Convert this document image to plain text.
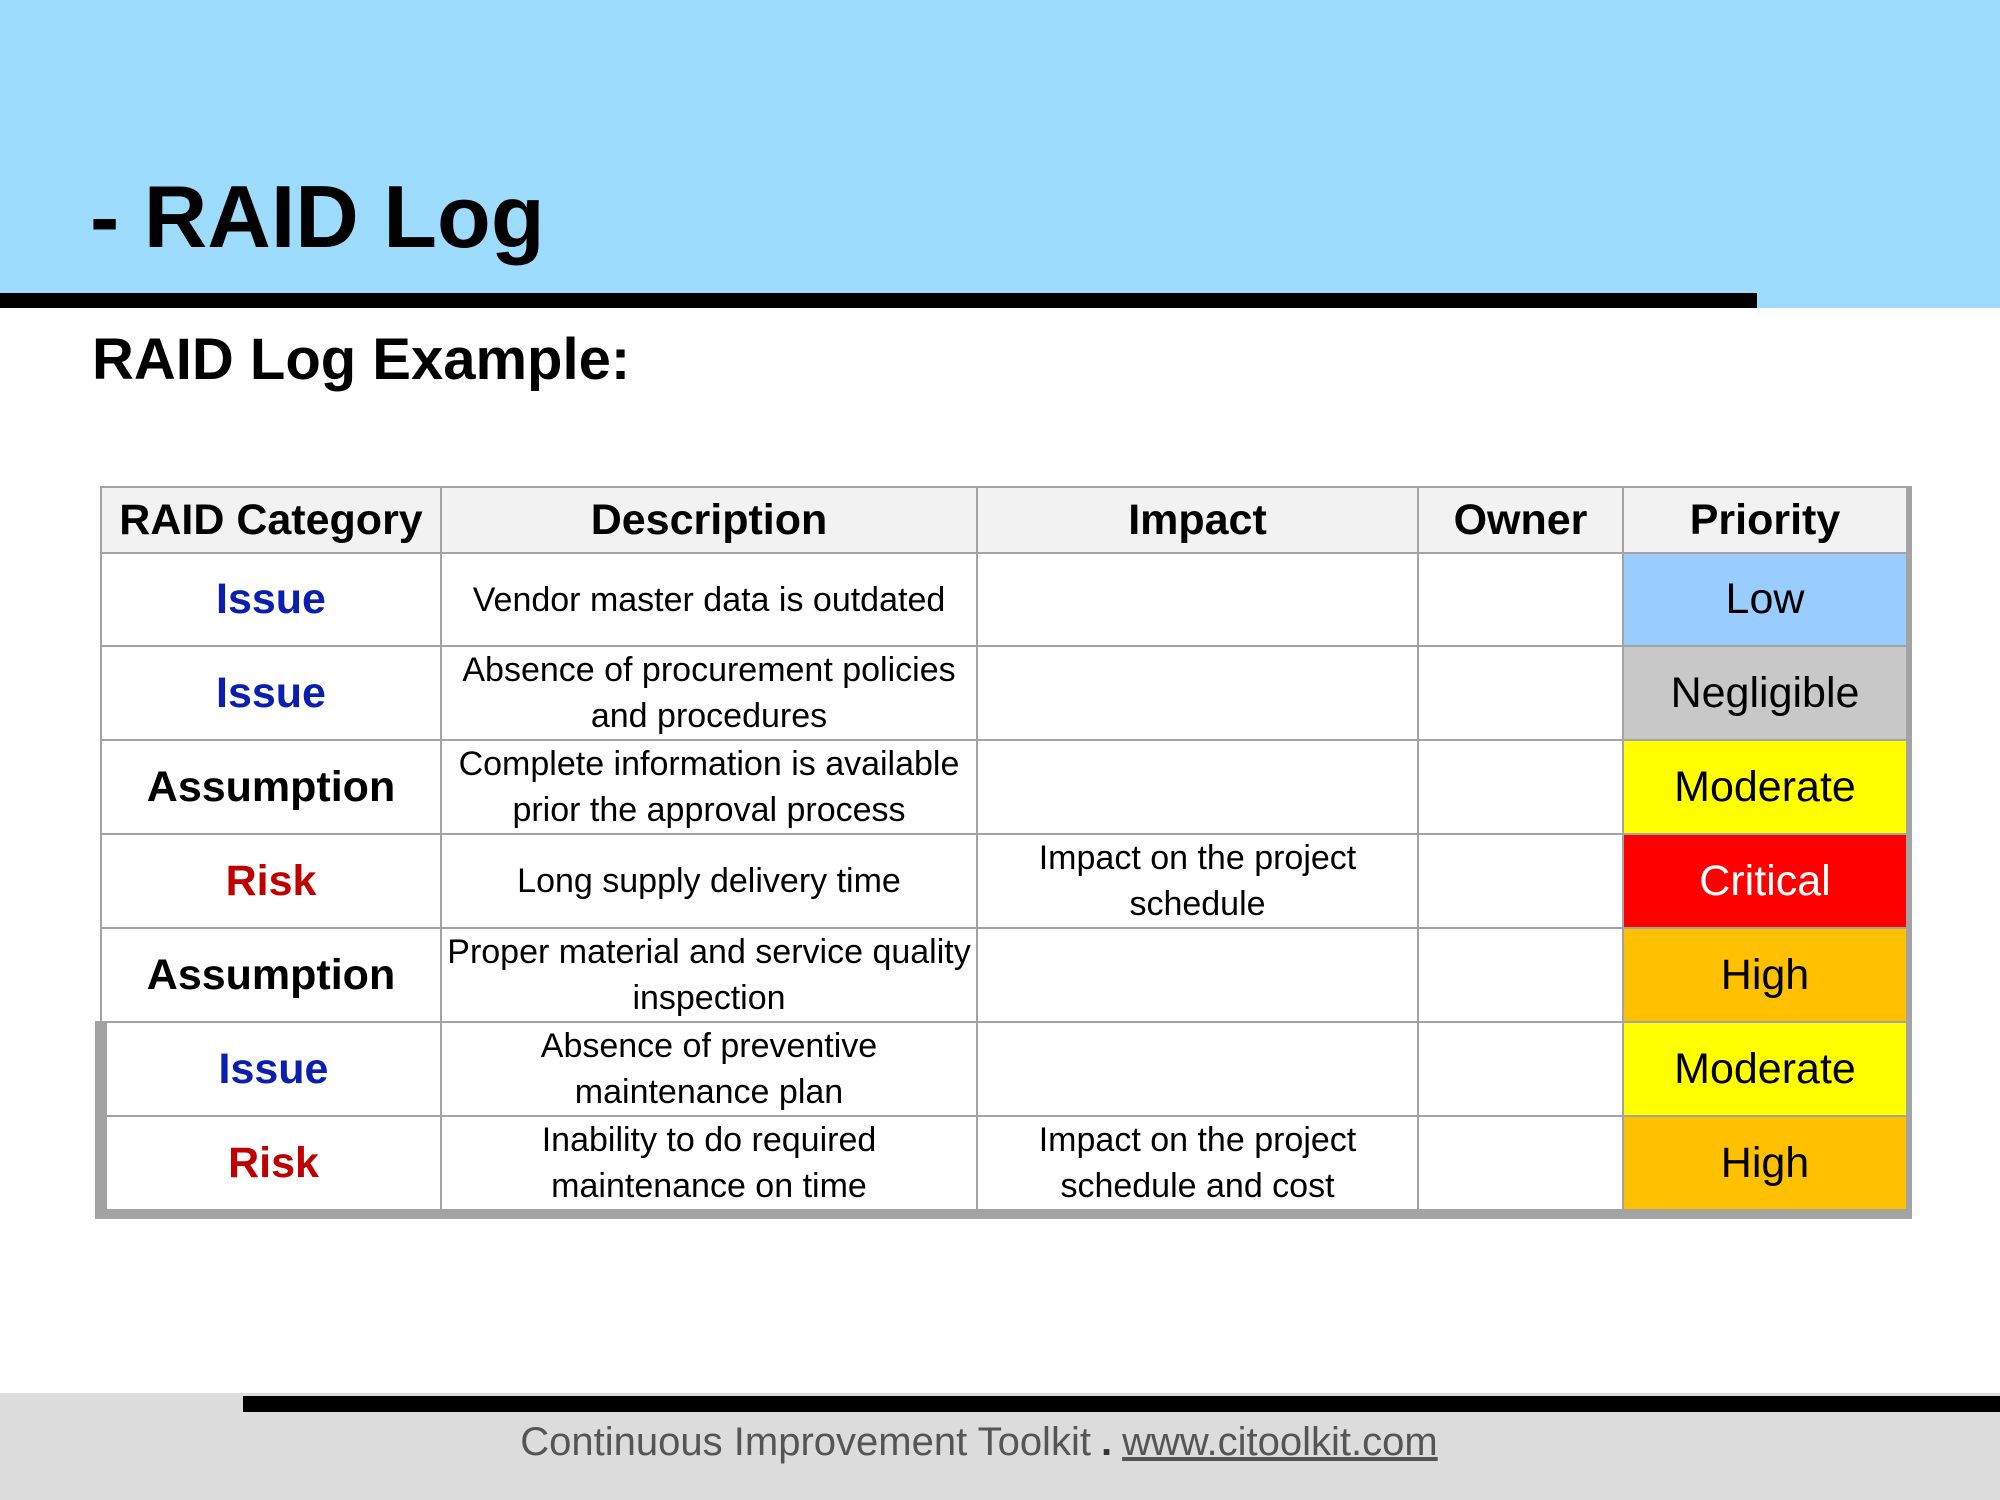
- RAID Log
RAID Log Example:
RAID Category	Description	Impact	Owner	Priority
Issue	Vendor master data is outdated			Low
Issue	Absence of procurement policies and procedures			Negligible
Assumption	Complete information is available prior the approval process			Moderate
Risk	Long supply delivery time	Impact on the project schedule		Critical
Assumption	Proper material and service quality inspection			High
Issue	Absence of preventive maintenance plan			Moderate
Risk	Inability to do required maintenance on time	Impact on the project schedule and cost		High
Continuous Improvement Toolkit . www.citoolkit.com
